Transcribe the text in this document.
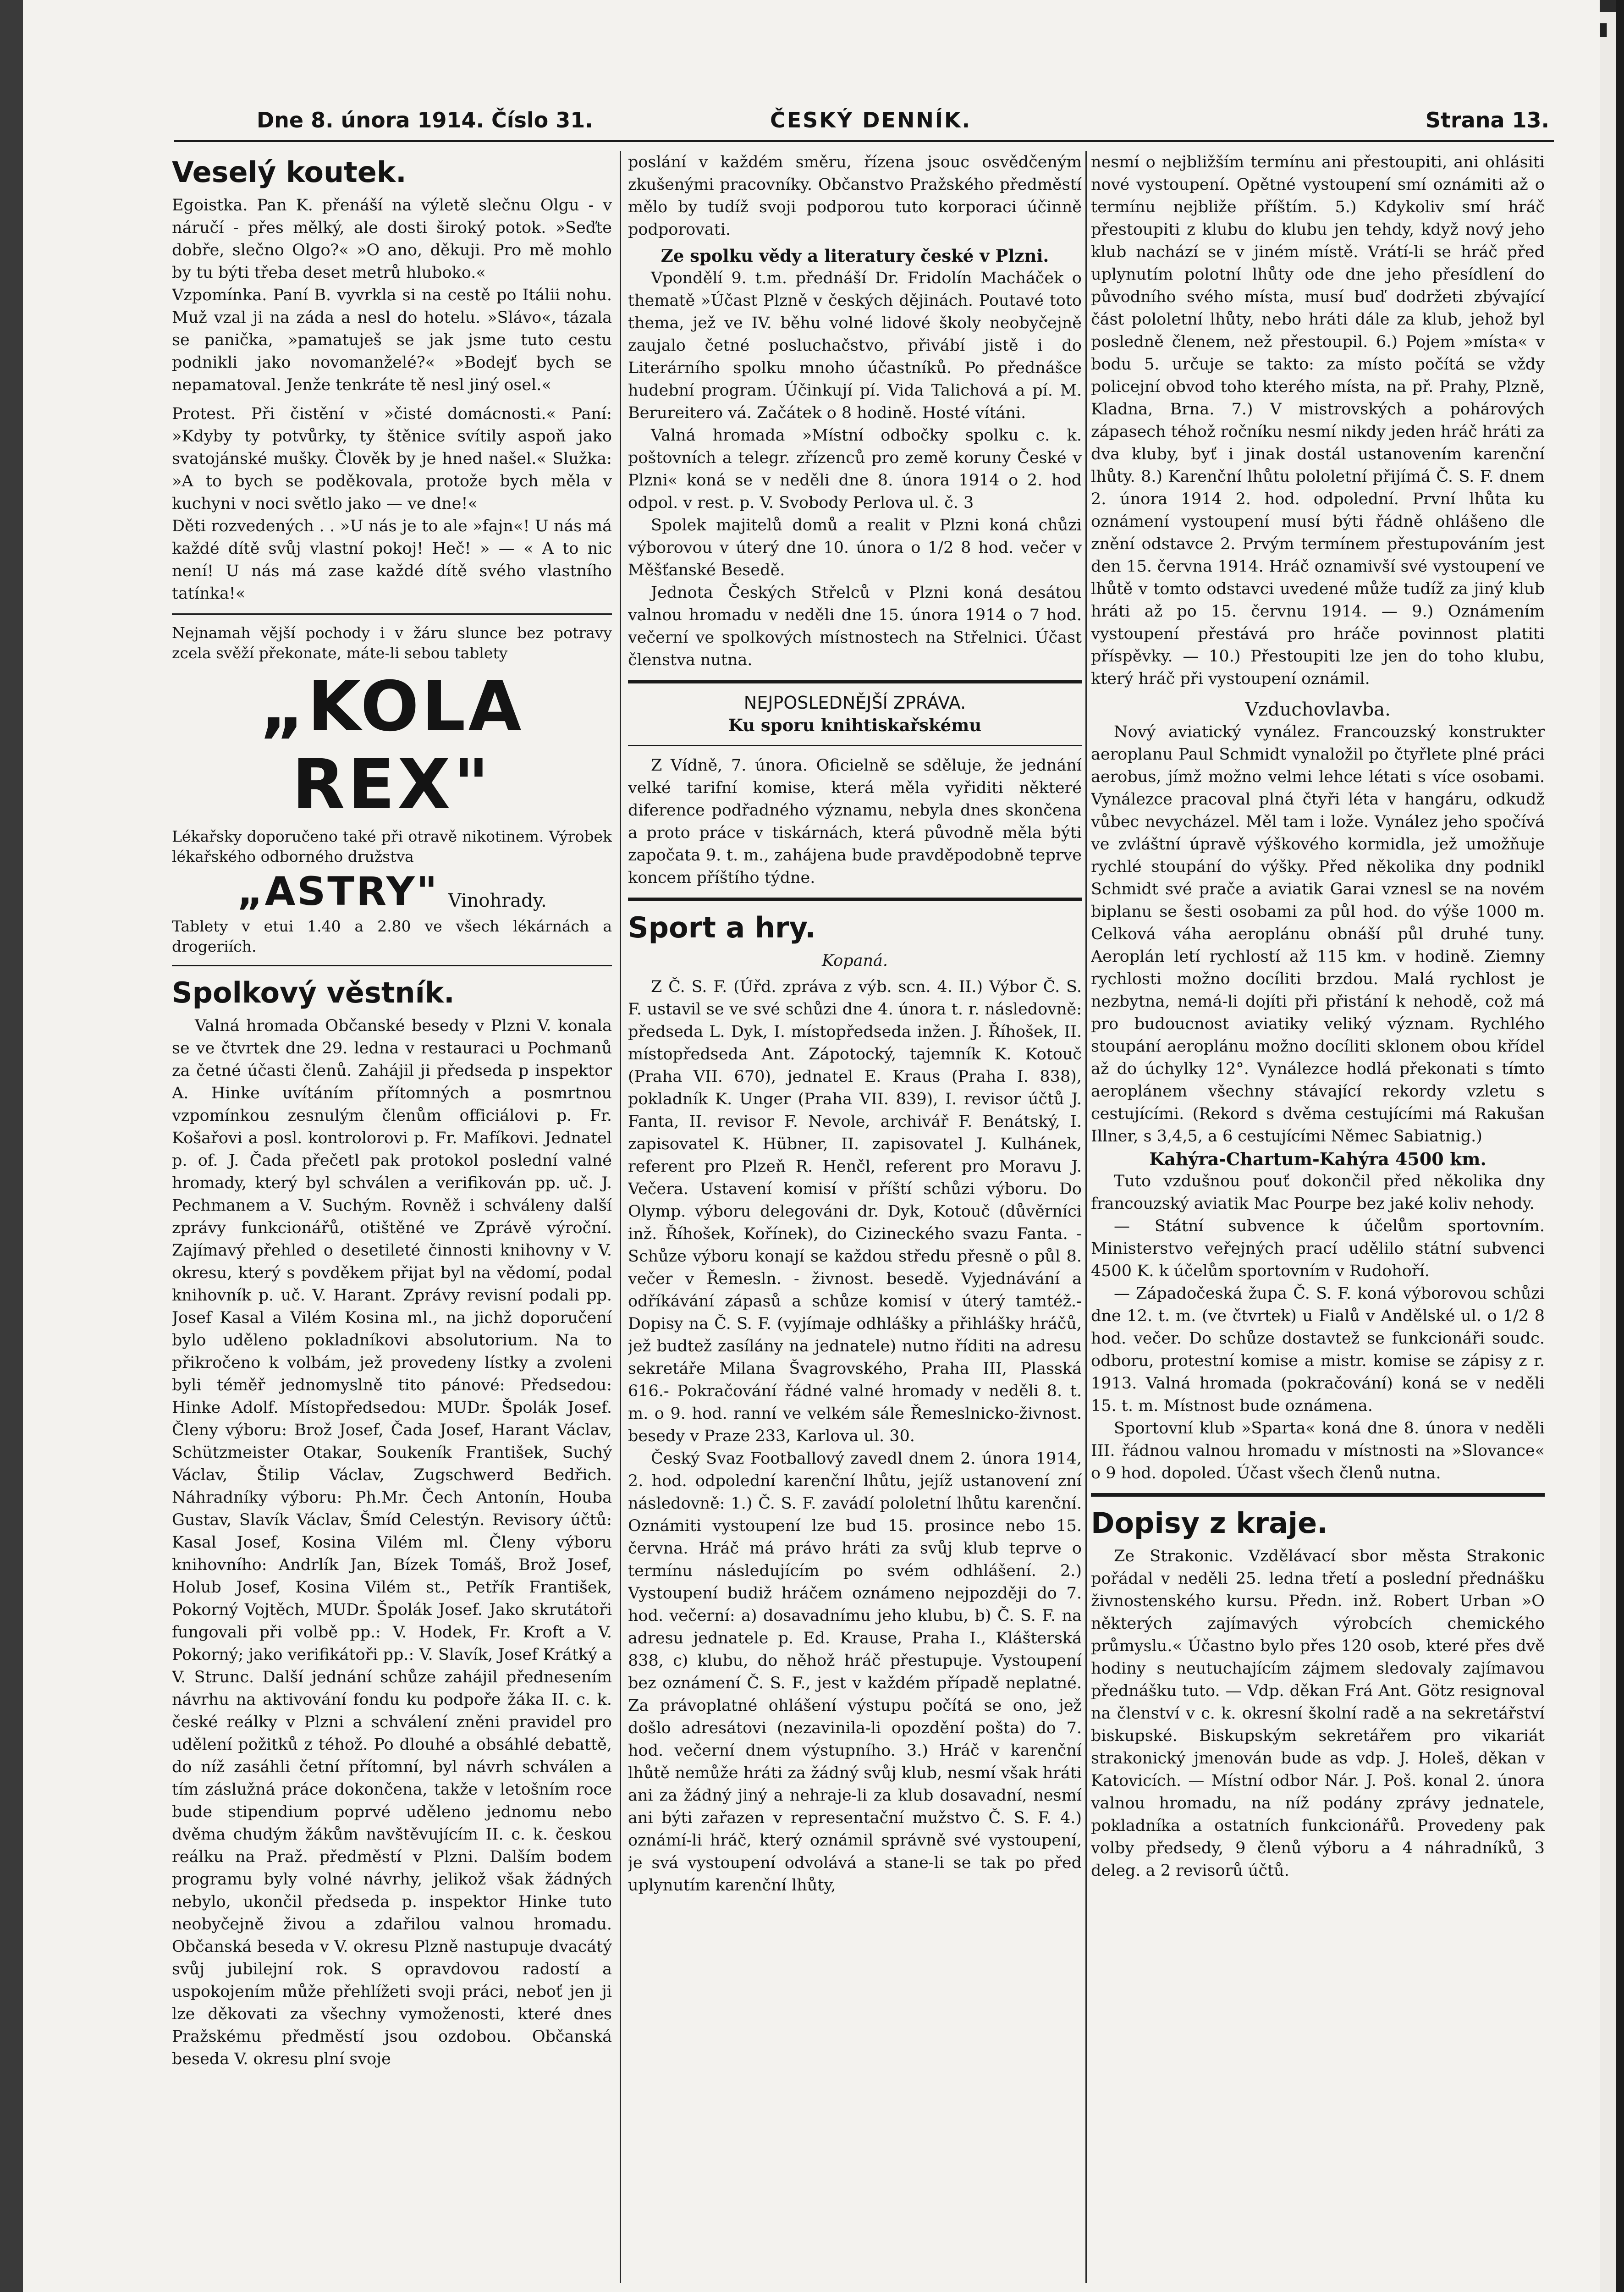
▮
Dne 8. února 1914. Číslo 31.	ČESKÝ DENNÍK.	Strana 13.
Veselý koutek.

Egoistka. Pan K. přenáší na výletě slečnu Olgu - v náručí - přes mělký, ale dosti široký potok. »Seďte dobře, slečno Olgo?« »O ano, děkuji. Pro mě mohlo by tu býti třeba deset metrů hluboko.«

Vzpomínka. Paní B. vyvrkla si na cestě po Itálii nohu. Muž vzal ji na záda a nesl do hotelu. »Slávo«, tázala se panička, »pamatuješ se jak jsme tuto cestu podnikli jako novomanželé?« »Bodejť bych se nepamatoval. Jenže tenkráte tě nesl jiný osel.«

Protest. Při čistění v »čisté domácnosti.« Paní: »Kdyby ty potvůrky, ty štěnice svítily aspoň jako svatojánské mušky. Člověk by je hned našel.« Služka: »A to bych se poděkovala, protože bych měla v kuchyni v noci světlo jako — ve dne!«

Děti rozvedených . . »U nás je to ale »fajn«! U nás má každé dítě svůj vlastní pokoj! Heč! » — « A to nic není! U nás má zase každé dítě svého vlastního tatínka!«

Nejnamah vější pochody i v žáru slunce bez potravy zcela svěží překonate, máte-li sebou tablety

„KOLA REX"

Lékařsky doporučeno také při otravě nikotinem. Výrobek lékařského odborného družstva

„ASTRY" Vinohrady.

Tablety v etui 1.40 a 2.80 ve všech lékárnách a drogeriích.

Spolkový věstník.

Valná hromada Občanské besedy v Plzni V. konala se ve čtvrtek dne 29. ledna v restauraci u Pochmanů za četné účasti členů. Zahájil ji předseda p inspektor A. Hinke uvítáním přítomných a posmrtnou vzpomínkou zesnulým členům officiálovi p. Fr. Košařovi a posl. kontrolorovi p. Fr. Mafíkovi. Jednatel p. of. J. Čada přečetl pak protokol poslední valné hromady, který byl schválen a verifikován pp. uč. J. Pechmanem a V. Suchým. Rovněž i schváleny další zprávy funkcionářů, otištěné ve Zprávě výroční. Zajímavý přehled o desetileté činnosti knihovny v V. okresu, který s povděkem přijat byl na vědomí, podal knihovník p. uč. V. Harant. Zprávy revisní podali pp. Josef Kasal a Vilém Kosina ml., na jichž doporučení bylo uděleno pokladníkovi absolutorium. Na to přikročeno k volbám, jež provedeny lístky a zvoleni byli téměř jednomyslně tito pánové: Předsedou: Hinke Adolf. Místopředsedou: MUDr. Špolák Josef. Členy výboru: Brož Josef, Čada Josef, Harant Václav, Schützmeister Otakar, Soukeník František, Suchý Václav, Štilip Václav, Zugschwerd Bedřich. Náhradníky výboru: Ph.Mr. Čech Antonín, Houba Gustav, Slavík Václav, Šmíd Celestýn. Revisory účtů: Kasal Josef, Kosina Vilém ml. Členy výboru knihovního: Andrlík Jan, Bízek Tomáš, Brož Josef, Holub Josef, Kosina Vilém st., Petřík František, Pokorný Vojtěch, MUDr. Špolák Josef. Jako skrutátoři fungovali při volbě pp.: V. Hodek, Fr. Kroft a V. Pokorný; jako verifikátoři pp.: V. Slavík, Josef Krátký a V. Strunc. Další jednání schůze zahájil přednesením návrhu na aktivování fondu ku podpoře žáka II. c. k. české reálky v Plzni a schválení zněni pravidel pro udělení požitků z téhož. Po dlouhé a obsáhlé debattě, do níž zasáhli četní přítomní, byl návrh schválen a tím záslužná práce dokončena, takže v letošním roce bude stipendium poprvé uděleno jednomu nebo dvěma chudým žákům navštěvujícím II. c. k. českou reálku na Praž. předměstí v Plzni. Dalším bodem programu byly volné návrhy, jelikož však žádných nebylo, ukončil předseda p. inspektor Hinke tuto neobyčejně živou a zdařilou valnou hromadu. Občanská beseda v V. okresu Plzně nastupuje dvacátý svůj jubilejní rok. S opravdovou radostí a uspokojením může přehlížeti svoji práci, neboť jen ji lze děkovati za všechny vymoženosti, které dnes Pražskému předměstí jsou ozdobou. Občanská beseda V. okresu plní svoje

poslání v každém směru, řízena jsouc osvědčeným zkušenými pracovníky. Občanstvo Pražského předměstí mělo by tudíž svoji podporou tuto korporaci účinně podporovati.

Ze spolku vědy a literatury české v Plzni.

Vpondělí 9. t.m. přednáší Dr. Fridolín Macháček o thematě »Účast Plzně v českých dějinách. Poutavé toto thema, jež ve IV. běhu volné lidové školy neobyčejně zaujalo četné posluchačstvo, přivábí jistě i do Literárního spolku mnoho účastníků. Po přednášce hudební program. Účinkují pí. Vida Talichová a pí. M. Berureitero vá. Začátek o 8 hodině. Hosté vítáni.

Valná hromada »Místní odbočky spolku c. k. poštovních a telegr. zřízenců pro země koruny České v Plzni« koná se v neděli dne 8. února 1914 o 2. hod odpol. v rest. p. V. Svobody Perlova ul. č. 3

Spolek majitelů domů a realit v Plzni koná chůzi výborovou v úterý dne 10. února o 1/2 8 hod. večer v Měšťanské Besedě.

Jednota Českých Střelců v Plzni koná desátou valnou hromadu v neděli dne 15. února 1914 o 7 hod. večerní ve spolkových místnostech na Střelnici. Účast členstva nutna.

NEJPOSLEDNĚJŠÍ ZPRÁVA.

Ku sporu knihtiskařskému

Z Vídně, 7. února. Oficielně se sděluje, že jednání velké tarifní komise, která měla vyřiditi některé diference podřadného významu, nebyla dnes skončena a proto práce v tiskárnách, která původně měla býti započata 9. t. m., zahájena bude pravděpodobně teprve koncem příštího týdne.

Sport a hry.

Kopaná.

Z Č. S. F. (Úřd. zpráva z výb. scn. 4. II.) Výbor Č. S. F. ustavil se ve své schůzi dne 4. února t. r. následovně: předseda L. Dyk, I. místopředseda inžen. J. Říhošek, II. místopředseda Ant. Zápotocký, tajemník K. Kotouč (Praha VII. 670), jednatel E. Kraus (Praha I. 838), pokladník K. Unger (Praha VII. 839), I. revisor účtů J. Fanta, II. revisor F. Nevole, archivář F. Benátský, I. zapisovatel K. Hübner, II. zapisovatel J. Kulhánek, referent pro Plzeň R. Henčl, referent pro Moravu J. Večera. Ustavení komisí v příští schůzi výboru. Do Olymp. výboru delegováni dr. Dyk, Kotouč (důvěrníci inž. Říhošek, Kořínek), do Cizineckého svazu Fanta. - Schůze výboru konají se každou středu přesně o půl 8. večer v Řemesln. - živnost. besedě. Vyjednávání a odříkávání zápasů a schůze komisí v úterý tamtéž.- Dopisy na Č. S. F. (vyjímaje odhlášky a přihlášky hráčů, jež budtež zasílány na jednatele) nutno říditi na adresu sekretáře Milana Švagrovského, Praha III, Plasská 616.- Pokračování řádné valné hromady v neděli 8. t. m. o 9. hod. ranní ve velkém sále Řemeslnicko-živnost. besedy v Praze 233, Karlova ul. 30.

Český Svaz Footballový zavedl dnem 2. února 1914, 2. hod. odpolední karenční lhůtu, jejíž ustanovení zní následovně: 1.) Č. S. F. zavádí pololetní lhůtu karenční. Oznámiti vystoupení lze bud 15. prosince nebo 15. června. Hráč má právo hráti za svůj klub teprve o termínu následujícím po svém odhlášení. 2.) Vystoupení budiž hráčem oznámeno nejpozději do 7. hod. večerní: a) dosavadnímu jeho klubu, b) Č. S. F. na adresu jednatele p. Ed. Krause, Praha I., Klášterská 838, c) klubu, do něhož hráč přestupuje. Vystoupení bez oznámení Č. S. F., jest v každém případě neplatné. Za právoplatné ohlášení výstupu počítá se ono, jež došlo adresátovi (nezavinila-li opozdění pošta) do 7. hod. večerní dnem výstupního. 3.) Hráč v karenční lhůtě nemůže hráti za žádný svůj klub, nesmí však hráti ani za žádný jiný a nehraje-li za klub dosavadní, nesmí ani býti zařazen v representační mužstvo Č. S. F. 4.) oznámí-li hráč, který oznámil správně své vystoupení, je svá vystoupení odvolává a stane-li se tak po před uplynutím karenční lhůty,

nesmí o nejbližším termínu ani přestoupiti, ani ohlásiti nové vystoupení. Opětné vystoupení smí oznámiti až o termínu nejbliže příštím. 5.) Kdykoliv smí hráč přestoupiti z klubu do klubu jen tehdy, když nový jeho klub nachází se v jiném místě. Vrátí-li se hráč před uplynutím polotní lhůty ode dne jeho přesídlení do původního svého místa, musí buď dodržeti zbývající část pololetní lhůty, nebo hráti dále za klub, jehož byl posledně členem, než přestoupil. 6.) Pojem »místa« v bodu 5. určuje se takto: za místo počítá se vždy policejní obvod toho kterého místa, na př. Prahy, Plzně, Kladna, Brna. 7.) V mistrovských a pohárových zápasech téhož ročníku nesmí nikdy jeden hráč hráti za dva kluby, byť i jinak dostál ustanovením karenční lhůty. 8.) Karenční lhůtu pololetní přijímá Č. S. F. dnem 2. února 1914 2. hod. odpolední. První lhůta ku oznámení vystoupení musí býti řádně ohlášeno dle znění odstavce 2. Prvým termínem přestupováním jest den 15. června 1914. Hráč oznamivší své vystoupení ve lhůtě v tomto odstavci uvedené může tudíž za jiný klub hráti až po 15. červnu 1914. — 9.) Oznámením vystoupení přestává pro hráče povinnost platiti příspěvky. — 10.) Přestoupiti lze jen do toho klubu, který hráč při vystoupení oznámil.

Vzduchovlavba.

Nový aviatický vynález. Francouzský konstrukter aeroplanu Paul Schmidt vynaložil po čtyřlete plné práci aerobus, jímž možno velmi lehce létati s více osobami. Vynálezce pracoval plná čtyři léta v hangáru, odkudž vůbec nevycházel. Měl tam i lože. Vynález jeho spočívá ve zvláštní úpravě výškového kormidla, jež umožňuje rychlé stoupání do výšky. Před několika dny podnikl Schmidt své prače a aviatik Garai vznesl se na novém biplanu se šesti osobami za půl hod. do výše 1000 m. Celková váha aeroplánu obnáší půl druhé tuny. Aeroplán letí rychlostí až 115 km. v hodině. Ziemny rychlosti možno docíliti brzdou. Malá rychlost je nezbytna, nemá-li dojíti při přistání k nehodě, což má pro budoucnost aviatiky veliký význam. Rychlého stoupání aeroplánu možno docíliti sklonem obou křídel až do úchylky 12°. Vynálezce hodlá překonati s tímto aeroplánem všechny stávající rekordy vzletu s cestujícími. (Rekord s dvěma cestujícími má Rakušan Illner, s 3,4,5, a 6 cestujícími Němec Sabiatnig.)

Kahýra-Chartum-Kahýra 4500 km.

Tuto vzdušnou pouť dokončil před několika dny francouzský aviatik Mac Pourpe bez jaké koliv nehody.

— Státní subvence k účelům sportovním. Ministerstvo veřejných prací udělilo státní subvenci 4500 K. k účelům sportovním v Rudohoří.

— Západočeská župa Č. S. F. koná výborovou schůzi dne 12. t. m. (ve čtvrtek) u Fialů v Andělské ul. o 1/2 8 hod. večer. Do schůze dostavtež se funkcionáři soudc. odboru, protestní komise a mistr. komise se zápisy z r. 1913. Valná hromada (pokračování) koná se v neděli 15. t. m. Místnost bude oznámena.

Sportovní klub »Sparta« koná dne 8. února v neděli III. řádnou valnou hromadu v místnosti na »Slovance« o 9 hod. dopoled. Účast všech členů nutna.

Dopisy z kraje.

Ze Strakonic. Vzdělávací sbor města Strakonic pořádal v neděli 25. ledna třetí a poslední přednášku živnostenského kursu. Předn. inž. Robert Urban »O některých zajímavých výrobcích chemického průmyslu.« Účastno bylo přes 120 osob, které přes dvě hodiny s neutuchajícím zájmem sledovaly zajímavou přednášku tuto. — Vdp. děkan Frá Ant. Götz resignoval na členství v c. k. okresní školní radě a na sekretářství biskupské. Biskupským sekretářem pro vikariát strakonický jmenován bude as vdp. J. Holeš, děkan v Katovicích. — Místní odbor Nár. J. Poš. konal 2. února valnou hromadu, na níž podány zprávy jednatele, pokladníka a ostatních funkcionářů. Provedeny pak volby předsedy, 9 členů výboru a 4 náhradníků, 3 deleg. a 2 revisorů účtů.
